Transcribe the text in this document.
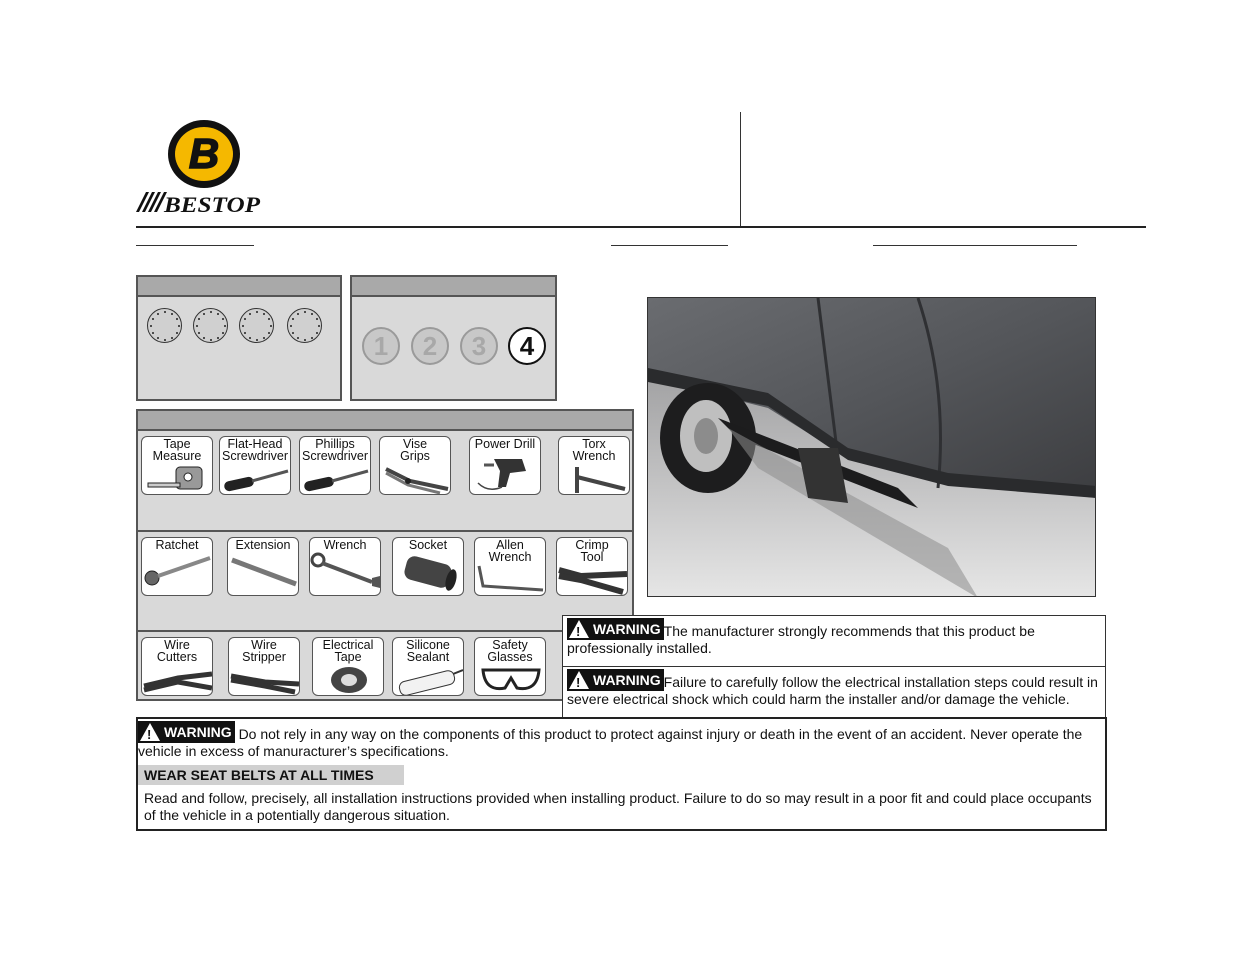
B
BESTOP
1	2	3	4
Tape
Measure
Flat-Head
Screwdriver
Phillips
Screwdriver
Vise
Grips
Power Drill	Torx
Wrench
Ratchet	Extension	Wrench	Socket	Allen
Wrench
Crimp
Tool
Wire
Cutters
Wire
Stripper
Electrical
Tape
Silicone
Sealant
Safety
Glasses
!
WARNING The manufacturer strongly recommends that this product be professionally installed.
!
WARNING Failure to carefully follow the electrical installation steps could result in severe electrical shock which could harm the installer and/or damage the vehicle.
!
WARNING Do not rely in any way on the components of this product to protect against injury or death in the event of an accident. Never operate the vehicle in excess of manuracturer’s specifications.
WEAR SEAT BELTS AT ALL TIMES
Read and follow, precisely, all installation instructions provided when installing product. Failure to do so may result in a poor fit and could place occupants of the vehicle in a potentially dangerous situation.
